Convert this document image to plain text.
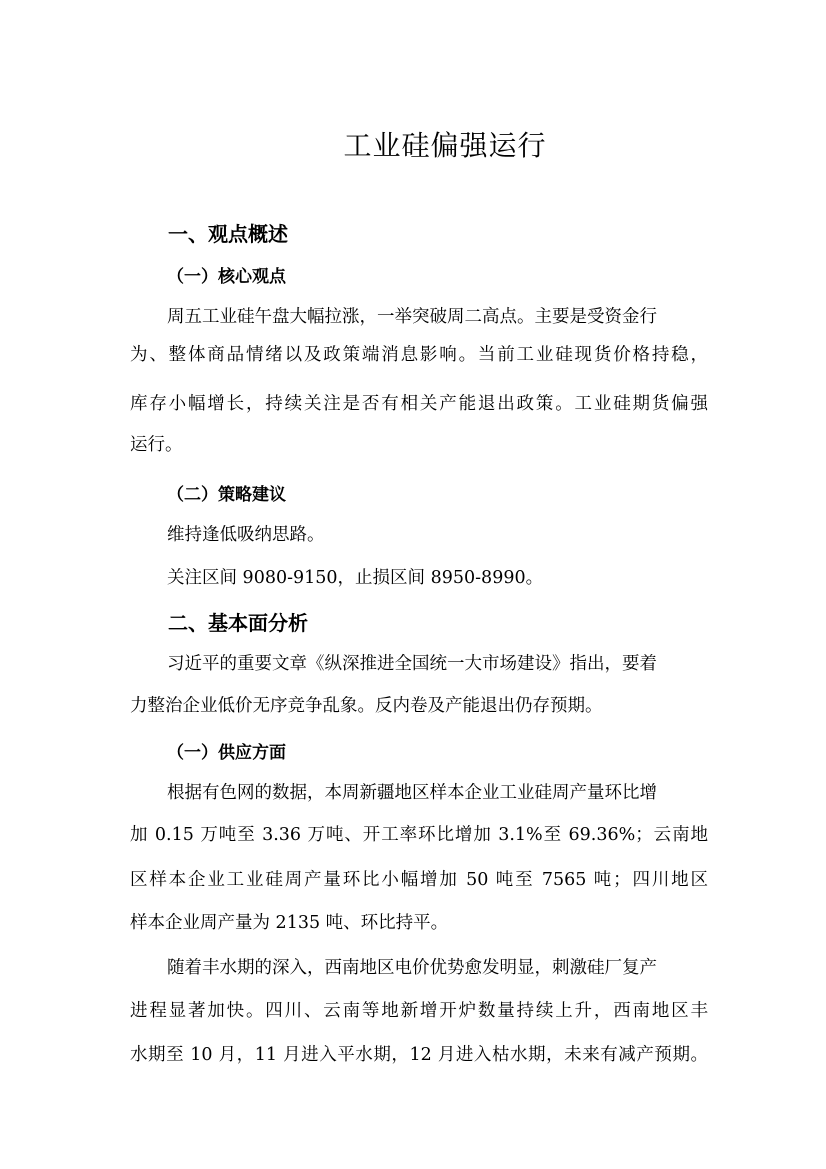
工业硅偏强运行
一、观点概述
（一）核心观点
周五工业硅午盘大幅拉涨，一举突破周二高点。主要是受资金行
为、整体商品情绪以及政策端消息影响。当前工业硅现货价格持稳，
库存小幅增长，持续关注是否有相关产能退出政策。工业硅期货偏强
运行。
（二）策略建议
维持逢低吸纳思路。
关注区间 9080-9150，止损区间 8950-8990。
二、基本面分析
习近平的重要文章《纵深推进全国统一大市场建设》指出，要着
力整治企业低价无序竞争乱象。反内卷及产能退出仍存预期。
（一）供应方面
根据有色网的数据，本周新疆地区样本企业工业硅周产量环比增
加 0.15 万吨至 3.36 万吨、开工率环比增加 3.1%至 69.36%；云南地
区样本企业工业硅周产量环比小幅增加 50 吨至 7565 吨；四川地区
样本企业周产量为 2135 吨、环比持平。
随着丰水期的深入，西南地区电价优势愈发明显，刺激硅厂复产
进程显著加快。四川、云南等地新增开炉数量持续上升，西南地区丰
水期至 10 月，11 月进入平水期，12 月进入枯水期，未来有减产预期。
